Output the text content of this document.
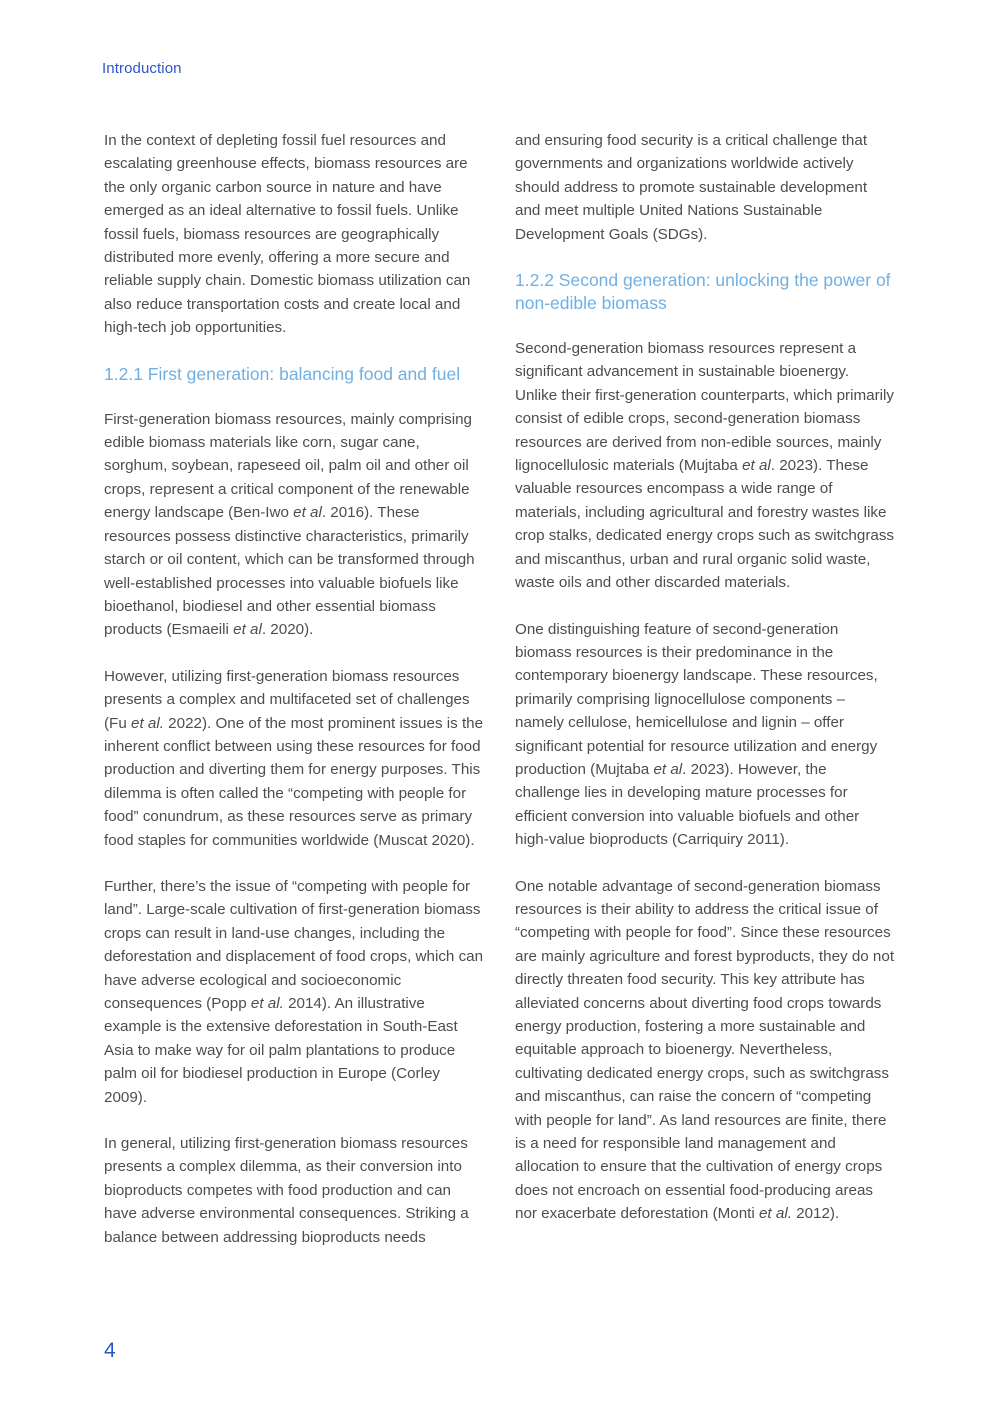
Introduction

In the context of depleting fossil fuel resources and escalating greenhouse effects, biomass resources are the only organic carbon source in nature and have emerged as an ideal alternative to fossil fuels. Unlike fossil fuels, biomass resources are geographically distributed more evenly, offering a more secure and reliable supply chain. Domestic biomass utilization can also reduce transportation costs and create local and high-tech job opportunities.

1.2.1 First generation: balancing food and fuel

First-generation biomass resources, mainly comprising edible biomass materials like corn, sugar cane, sorghum, soybean, rapeseed oil, palm oil and other oil crops, represent a critical component of the renewable energy landscape (Ben-Iwo et al. 2016). These resources possess distinctive characteristics, primarily starch or oil content, which can be transformed through well-established processes into valuable biofuels like bioethanol, biodiesel and other essential biomass products (Esmaeili et al. 2020).

However, utilizing first-generation biomass resources presents a complex and multifaceted set of challenges (Fu et al. 2022). One of the most prominent issues is the inherent conflict between using these resources for food production and diverting them for energy purposes. This dilemma is often called the “competing with people for food” conundrum, as these resources serve as primary food staples for communities worldwide (Muscat 2020).

Further, there’s the issue of “competing with people for land”. Large-scale cultivation of first-generation biomass crops can result in land-use changes, including the deforestation and displacement of food crops, which can have adverse ecological and socioeconomic consequences (Popp et al. 2014). An illustrative example is the extensive deforestation in South-East Asia to make way for oil palm plantations to produce palm oil for biodiesel production in Europe (Corley 2009).

In general, utilizing first-generation biomass resources presents a complex dilemma, as their conversion into bioproducts competes with food production and can have adverse environmental consequences. Striking a balance between addressing bioproducts needs

and ensuring food security is a critical challenge that governments and organizations worldwide actively should address to promote sustainable development and meet multiple United Nations Sustainable Development Goals (SDGs).

1.2.2 Second generation: unlocking the power of non-edible biomass

Second-generation biomass resources represent a significant advancement in sustainable bioenergy. Unlike their first-generation counterparts, which primarily consist of edible crops, second-generation biomass resources are derived from non-edible sources, mainly lignocellulosic materials (Mujtaba et al. 2023). These valuable resources encompass a wide range of materials, including agricultural and forestry wastes like crop stalks, dedicated energy crops such as switchgrass and miscanthus, urban and rural organic solid waste, waste oils and other discarded materials.

One distinguishing feature of second-generation biomass resources is their predominance in the contemporary bioenergy landscape. These resources, primarily comprising lignocellulose components – namely cellulose, hemicellulose and lignin – offer significant potential for resource utilization and energy production (Mujtaba et al. 2023). However, the challenge lies in developing mature processes for efficient conversion into valuable biofuels and other high-value bioproducts (Carriquiry 2011).

One notable advantage of second-generation biomass resources is their ability to address the critical issue of “competing with people for food”. Since these resources are mainly agriculture and forest byproducts, they do not directly threaten food security. This key attribute has alleviated concerns about diverting food crops towards energy production, fostering a more sustainable and equitable approach to bioenergy. Nevertheless, cultivating dedicated energy crops, such as switchgrass and miscanthus, can raise the concern of “competing with people for land”. As land resources are finite, there is a need for responsible land management and allocation to ensure that the cultivation of energy crops does not encroach on essential food-producing areas nor exacerbate deforestation (Monti et al. 2012).

4
